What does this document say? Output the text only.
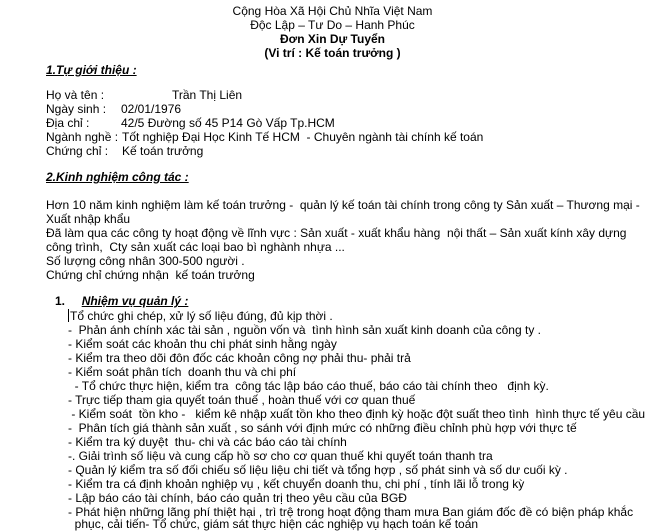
Cộng Hòa Xã Hội Chủ Nhĩa Việt Nam
Độc Lập – Tư Do – Hanh Phúc
Đơn Xin Dự Tuyển
(Vi trí : Kế toán trưởng )
1.Tự giới thiệu :
Họ và tên :	Trần Thị Liên
Ngày sinh : 02/01/1976
Địa chỉ :	42/5 Đường số 45 P14 Gò Vấp Tp.HCM
Ngành nghề : Tốt nghiệp Đại Học Kinh Tế HCM  - Chuyên ngành tài chính kế toán
Chứng chỉ : Kế toán trưởng
2.Kinh nghiệm công tác :
Hơn 10 năm kinh nghiệm làm kế toán trưởng -  quản lý kế toán tài chính trong công ty Sản xuất – Thương mại -
Xuất nhập khẩu
Đã làm qua các công ty hoạt động về lĩnh vực : Sản xuất - xuất khẩu hàng  nội thất – Sản xuất kính xây dựng
công trình,  Cty sản xuất các loại bao bì nghành nhựa ...
Số lượng công nhân 300-500 người .
Chứng chỉ chứng nhận  kế toán trưởng
1. Nhiệm vụ quản lý :
Tổ chức ghi chép, xử lý số liệu đúng, đủ kịp thời .
-  Phản ánh chính xác tài sản , nguồn vốn và  tình hình sản xuất kinh doanh của công ty .
- Kiểm soát các khoản thu chi phát sinh hằng ngày
- Kiểm tra theo dõi đôn đốc các khoản công nợ phải thu- phải trả
- Kiểm soát phân tích  doanh thu và chi phí
- Tổ chức thực hiện, kiểm tra  công tác lập báo cáo thuế, báo cáo tài chính theo   định kỳ.
- Trực tiếp tham gia quyết toán thuế , hoàn thuế với cơ quan thuế
- Kiểm soát  tồn kho -   kiểm kê nhập xuất tồn kho theo định kỳ hoặc đột suất theo tình  hình thực tế yêu cầu
-  Phân tích giá thành sản xuất , so sánh với định mức có những điều chỉnh phù hợp với thực tế
- Kiểm tra ký duyệt  thu- chi và các báo cáo tài chính
-. Giải trình số liệu và cung cấp hồ sơ cho cơ quan thuế khi quyết toán thanh tra
- Quản lý kiểm tra số đối chiếu số liệu liệu chi tiết và tổng hợp , số phát sinh và số dư cuối kỳ .
- Kiểm tra cá định khoản nghiệp vụ , kết chuyển doanh thu, chi phí , tính lãi lỗ trong kỳ
- Lập báo cáo tài chính, báo cáo quản trị theo yêu cầu của BGĐ
- Phát hiện những lãng phí thiệt hại , trì trệ trong hoạt động tham mưa Ban giám đốc đề có biện pháp khắc
phục, cải tiến- Tổ chức, giám sát thực hiện các nghiệp vụ hạch toán kế toán
